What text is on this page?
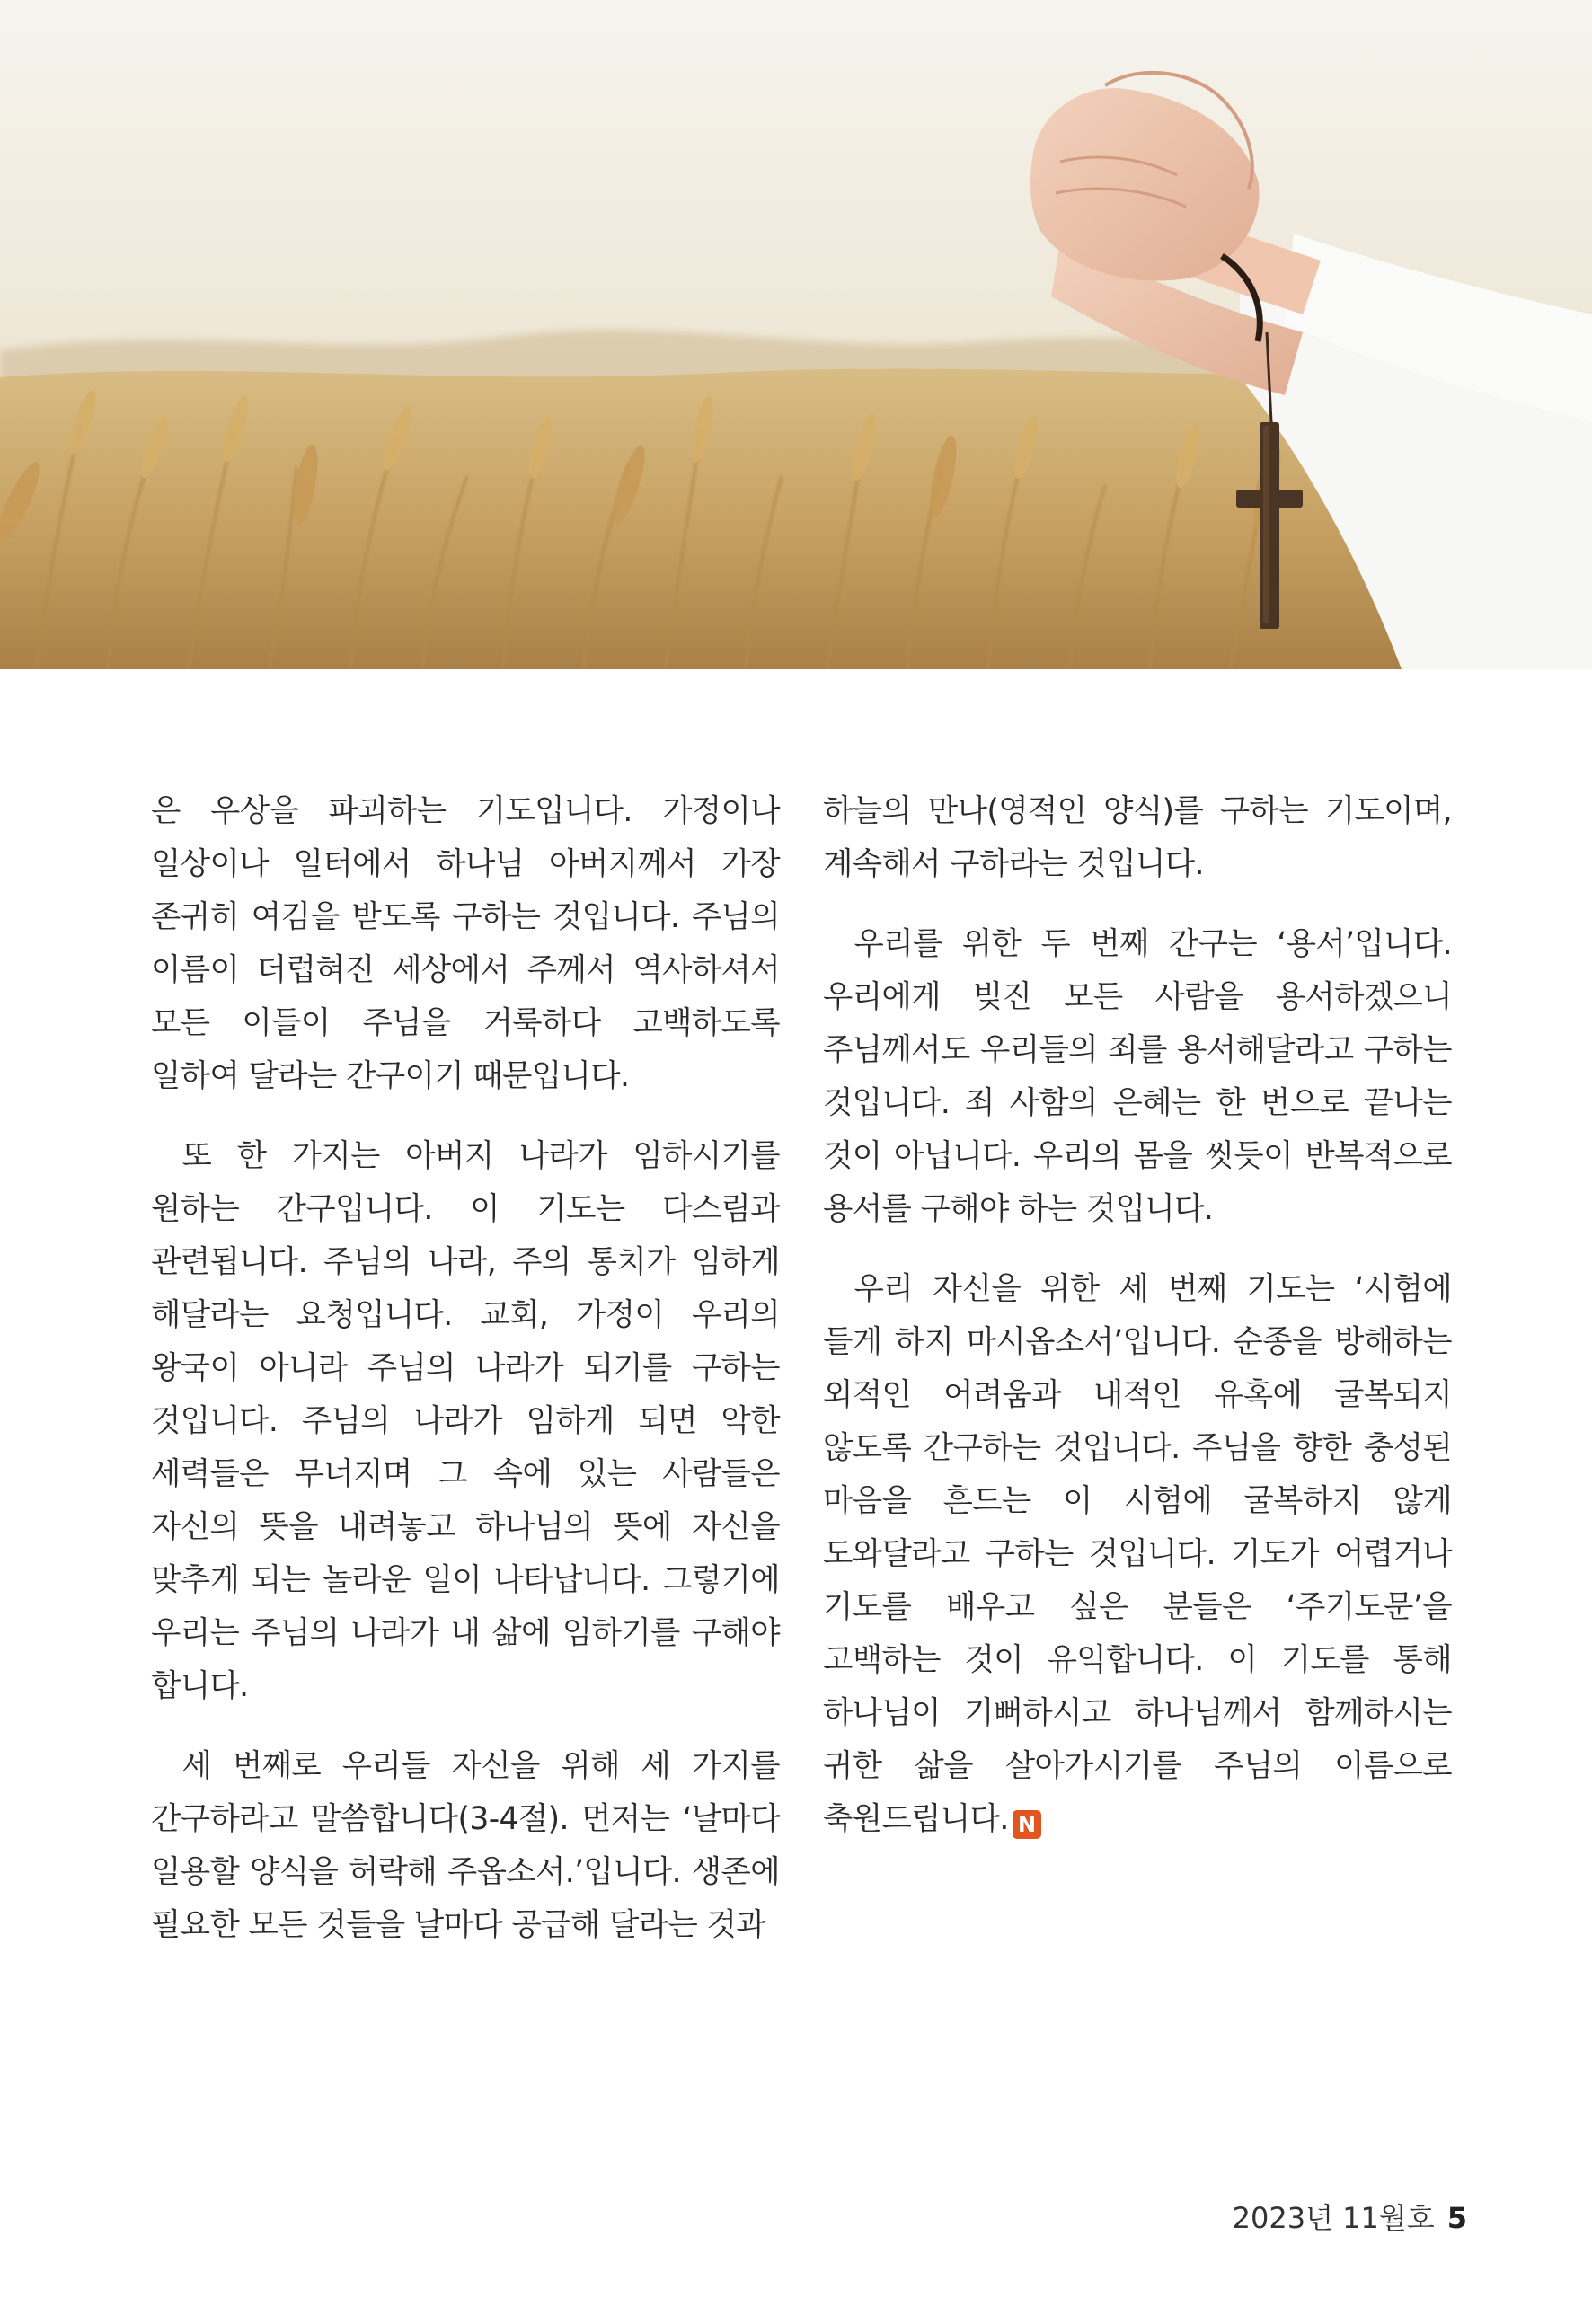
은 우상을 파괴하는 기도입니다. 가정이나 일상이나 일터에서 하나님 아버지께서 가장 존귀히 여김을 받도록 구하는 것입니다. 주님의 이름이 더럽혀진 세상에서 주께서 역사하셔서 모든 이들이 주님을 거룩하다 고백하도록 일하여 달라는 간구이기 때문입니다.

또 한 가지는 아버지 나라가 임하시기를 원하는 간구입니다. 이 기도는 다스림과 관련됩니다. 주님의 나라, 주의 통치가 임하게 해달라는 요청입니다. 교회, 가정이 우리의 왕국이 아니라 주님의 나라가 되기를 구하는 것입니다. 주님의 나라가 임하게 되면 악한 세력들은 무너지며 그 속에 있는 사람들은 자신의 뜻을 내려놓고 하나님의 뜻에 자신을 맞추게 되는 놀라운 일이 나타납니다. 그렇기에 우리는 주님의 나라가 내 삶에 임하기를 구해야 합니다.

세 번째로 우리들 자신을 위해 세 가지를 간구하라고 말씀합니다(3-4절). 먼저는 ‘날마다 일용할 양식을 허락해 주옵소서.’입니다. 생존에 필요한 모든 것들을 날마다 공급해 달라는 것과

하늘의 만나(영적인 양식)를 구하는 기도이며, 계속해서 구하라는 것입니다.

우리를 위한 두 번째 간구는 ‘용서’입니다. 우리에게 빚진 모든 사람을 용서하겠으니 주님께서도 우리들의 죄를 용서해달라고 구하는 것입니다. 죄 사함의 은혜는 한 번으로 끝나는 것이 아닙니다. 우리의 몸을 씻듯이 반복적으로 용서를 구해야 하는 것입니다.

우리 자신을 위한 세 번째 기도는 ‘시험에 들게 하지 마시옵소서’입니다. 순종을 방해하는 외적인 어려움과 내적인 유혹에 굴복되지 않도록 간구하는 것입니다. 주님을 향한 충성된 마음을 흔드는 이 시험에 굴복하지 않게 도와달라고 구하는 것입니다. 기도가 어렵거나 기도를 배우고 싶은 분들은 ‘주기도문’을 고백하는 것이 유익합니다. 이 기도를 통해 하나님이 기뻐하시고 하나님께서 함께하시는 귀한 삶을 살아가시기를 주님의 이름으로 축원드립니다. N

2023년 11월호 5
